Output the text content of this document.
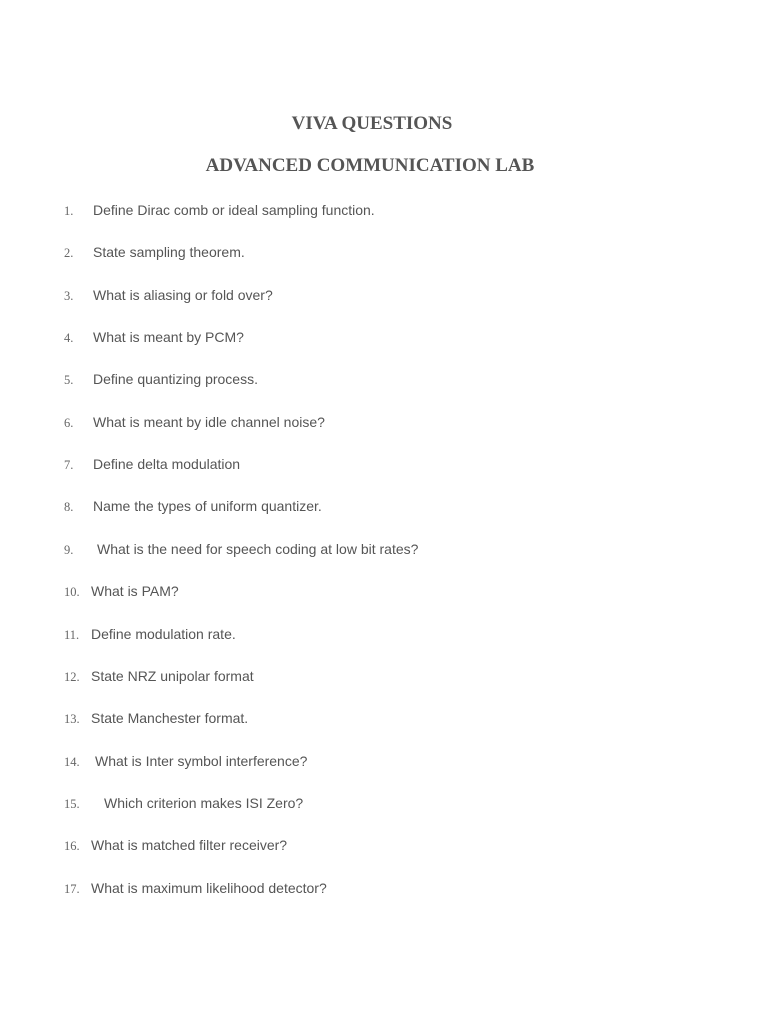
VIVA QUESTIONS
ADVANCED COMMUNICATION LAB
1. Define Dirac comb or ideal sampling function.
2. State sampling theorem.
3. What is aliasing or fold over?
4. What is meant by PCM?
5. Define quantizing process.
6. What is meant by idle channel noise?
7. Define delta modulation
8. Name the types of uniform quantizer.
9. What is the need for speech coding at low bit rates?
10. What is PAM?
11. Define modulation rate.
12. State NRZ unipolar format
13. State Manchester format.
14. What is Inter symbol interference?
15. Which criterion makes ISI Zero?
16. What is matched filter receiver?
17. What is maximum likelihood detector?
